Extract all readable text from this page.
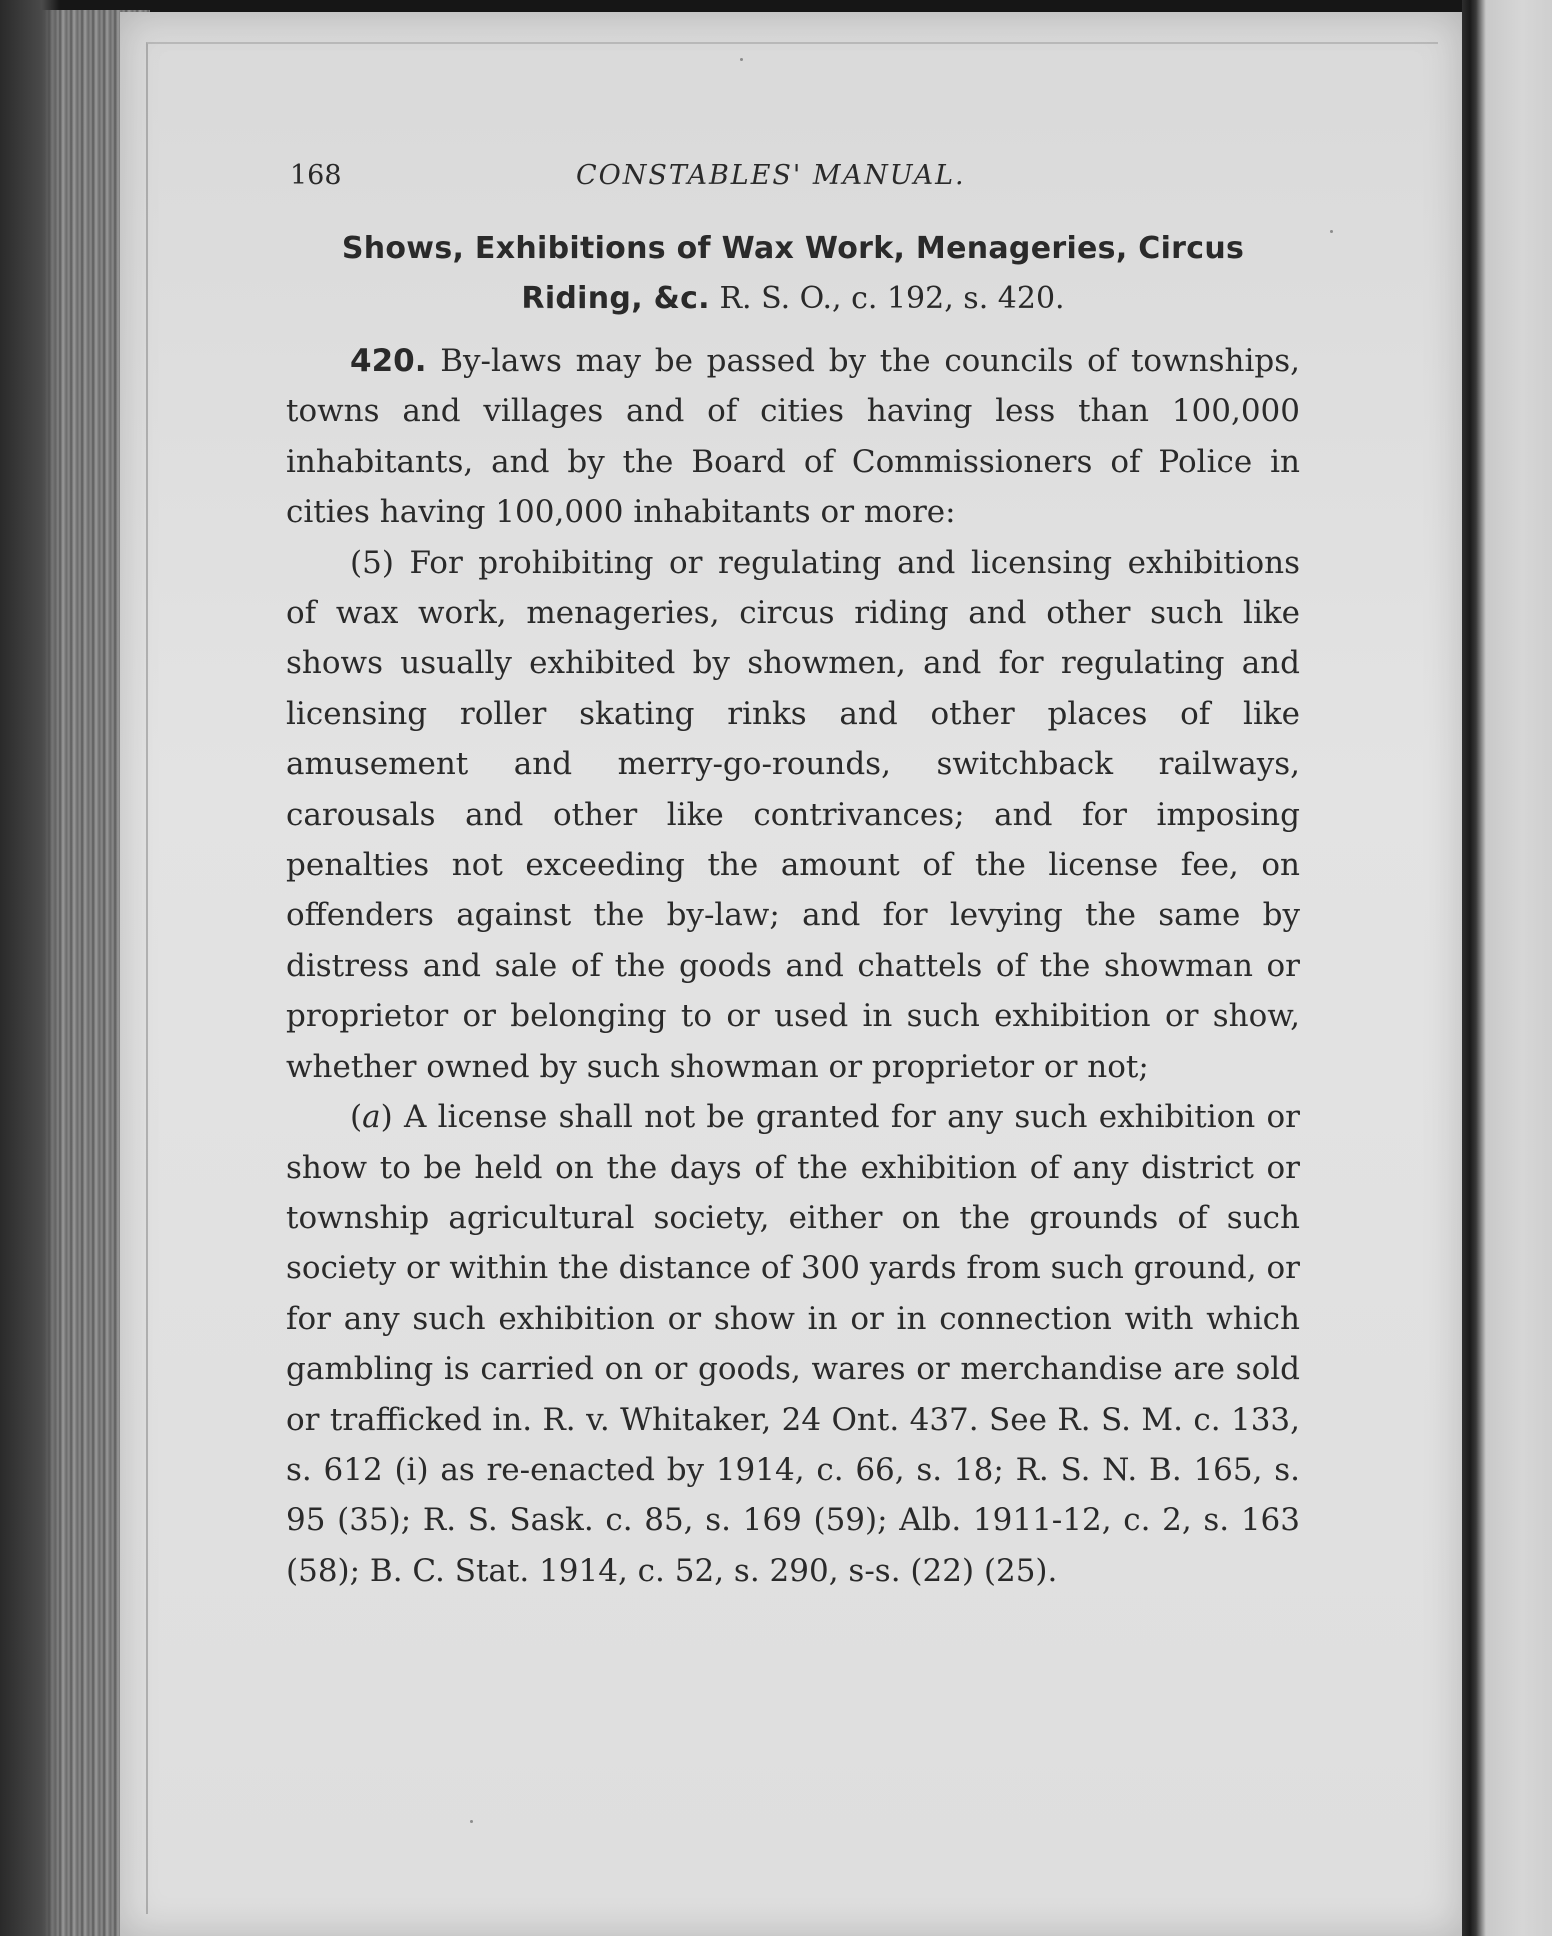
168	CONSTABLES' MANUAL.
Shows, Exhibitions of Wax Work, Menageries, Circus Riding, &c. R. S. O., c. 192, s. 420.

420. By-laws may be passed by the councils of townships, towns and villages and of cities having less than 100,000 inhabitants, and by the Board of Commissioners of Police in cities having 100,000 inhabitants or more:

(5) For prohibiting or regulating and licensing exhibitions of wax work, menageries, circus riding and other such like shows usually exhibited by showmen, and for regulating and licensing roller skating rinks and other places of like amusement and merry-go-rounds, switchback railways, carousals and other like contrivances; and for imposing penalties not exceeding the amount of the license fee, on offenders against the by-law; and for levying the same by distress and sale of the goods and chattels of the showman or proprietor or belonging to or used in such exhibition or show, whether owned by such showman or proprietor or not;

(a) A license shall not be granted for any such exhibition or show to be held on the days of the exhibition of any district or township agricultural society, either on the grounds of such society or within the distance of 300 yards from such ground, or for any such exhibition or show in or in connection with which gambling is carried on or goods, wares or merchandise are sold or trafficked in. R. v. Whitaker, 24 Ont. 437. See R. S. M. c. 133, s. 612 (i) as re-enacted by 1914, c. 66, s. 18; R. S. N. B. 165, s. 95 (35); R. S. Sask. c. 85, s. 169 (59); Alb. 1911-12, c. 2, s. 163 (58); B. C. Stat. 1914, c. 52, s. 290, s-s. (22) (25).
